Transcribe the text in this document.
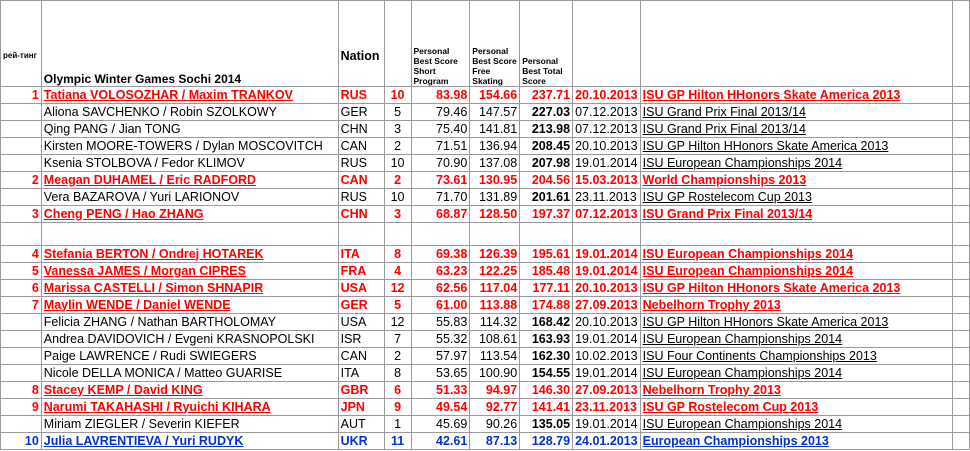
рей-тинг	Olympic Winter Games Sochi 2014	Nation		Personal Best Score Short Program	Personal Best Score Free Skating	Personal Best Total Score			
1	Tatiana VOLOSOZHAR / Maxim TRANKOV	RUS	10	83.98	154.66	237.71	20.10.2013	ISU GP Hilton HHonors Skate America 2013	
	Aliona SAVCHENKO / Robin SZOLKOWY	GER	5	79.46	147.57	227.03	07.12.2013	ISU Grand Prix Final 2013/14	
	Qing PANG / Jian TONG	CHN	3	75.40	141.81	213.98	07.12.2013	ISU Grand Prix Final 2013/14	
	Kirsten MOORE-TOWERS / Dylan MOSCOVITCH	CAN	2	71.51	136.94	208.45	20.10.2013	ISU GP Hilton HHonors Skate America 2013	
	Ksenia STOLBOVA / Fedor KLIMOV	RUS	10	70.90	137.08	207.98	19.01.2014	ISU European Championships 2014	
2	Meagan DUHAMEL / Eric RADFORD	CAN	2	73.61	130.95	204.56	15.03.2013	World Championships 2013	
	Vera BAZAROVA / Yuri LARIONOV	RUS	10	71.70	131.89	201.61	23.11.2013	ISU GP Rostelecom Cup 2013	
3	Cheng PENG / Hao ZHANG	CHN	3	68.87	128.50	197.37	07.12.2013	ISU Grand Prix Final 2013/14	

4	Stefania BERTON / Ondrej HOTAREK	ITA	8	69.38	126.39	195.61	19.01.2014	ISU European Championships 2014	
5	Vanessa JAMES / Morgan CIPRES	FRA	4	63.23	122.25	185.48	19.01.2014	ISU European Championships 2014	
6	Marissa CASTELLI / Simon SHNAPIR	USA	12	62.56	117.04	177.11	20.10.2013	ISU GP Hilton HHonors Skate America 2013	
7	Maylin WENDE / Daniel WENDE	GER	5	61.00	113.88	174.88	27.09.2013	Nebelhorn Trophy 2013	
	Felicia ZHANG / Nathan BARTHOLOMAY	USA	12	55.83	114.32	168.42	20.10.2013	ISU GP Hilton HHonors Skate America 2013	
	Andrea DAVIDOVICH / Evgeni KRASNOPOLSKI	ISR	7	55.32	108.61	163.93	19.01.2014	ISU European Championships 2014	
	Paige LAWRENCE / Rudi SWIEGERS	CAN	2	57.97	113.54	162.30	10.02.2013	ISU Four Continents Championships 2013	
	Nicole DELLA MONICA / Matteo GUARISE	ITA	8	53.65	100.90	154.55	19.01.2014	ISU European Championships 2014	
8	Stacey KEMP / David KING	GBR	6	51.33	94.97	146.30	27.09.2013	Nebelhorn Trophy 2013	
9	Narumi TAKAHASHI / Ryuichi KIHARA	JPN	9	49.54	92.77	141.41	23.11.2013	ISU GP Rostelecom Cup 2013	
	Miriam ZIEGLER / Severin KIEFER	AUT	1	45.69	90.26	135.05	19.01.2014	ISU European Championships 2014	
10	Julia LAVRENTIEVA / Yuri RUDYK	UKR	11	42.61	87.13	128.79	24.01.2013	European Championships 2013	
